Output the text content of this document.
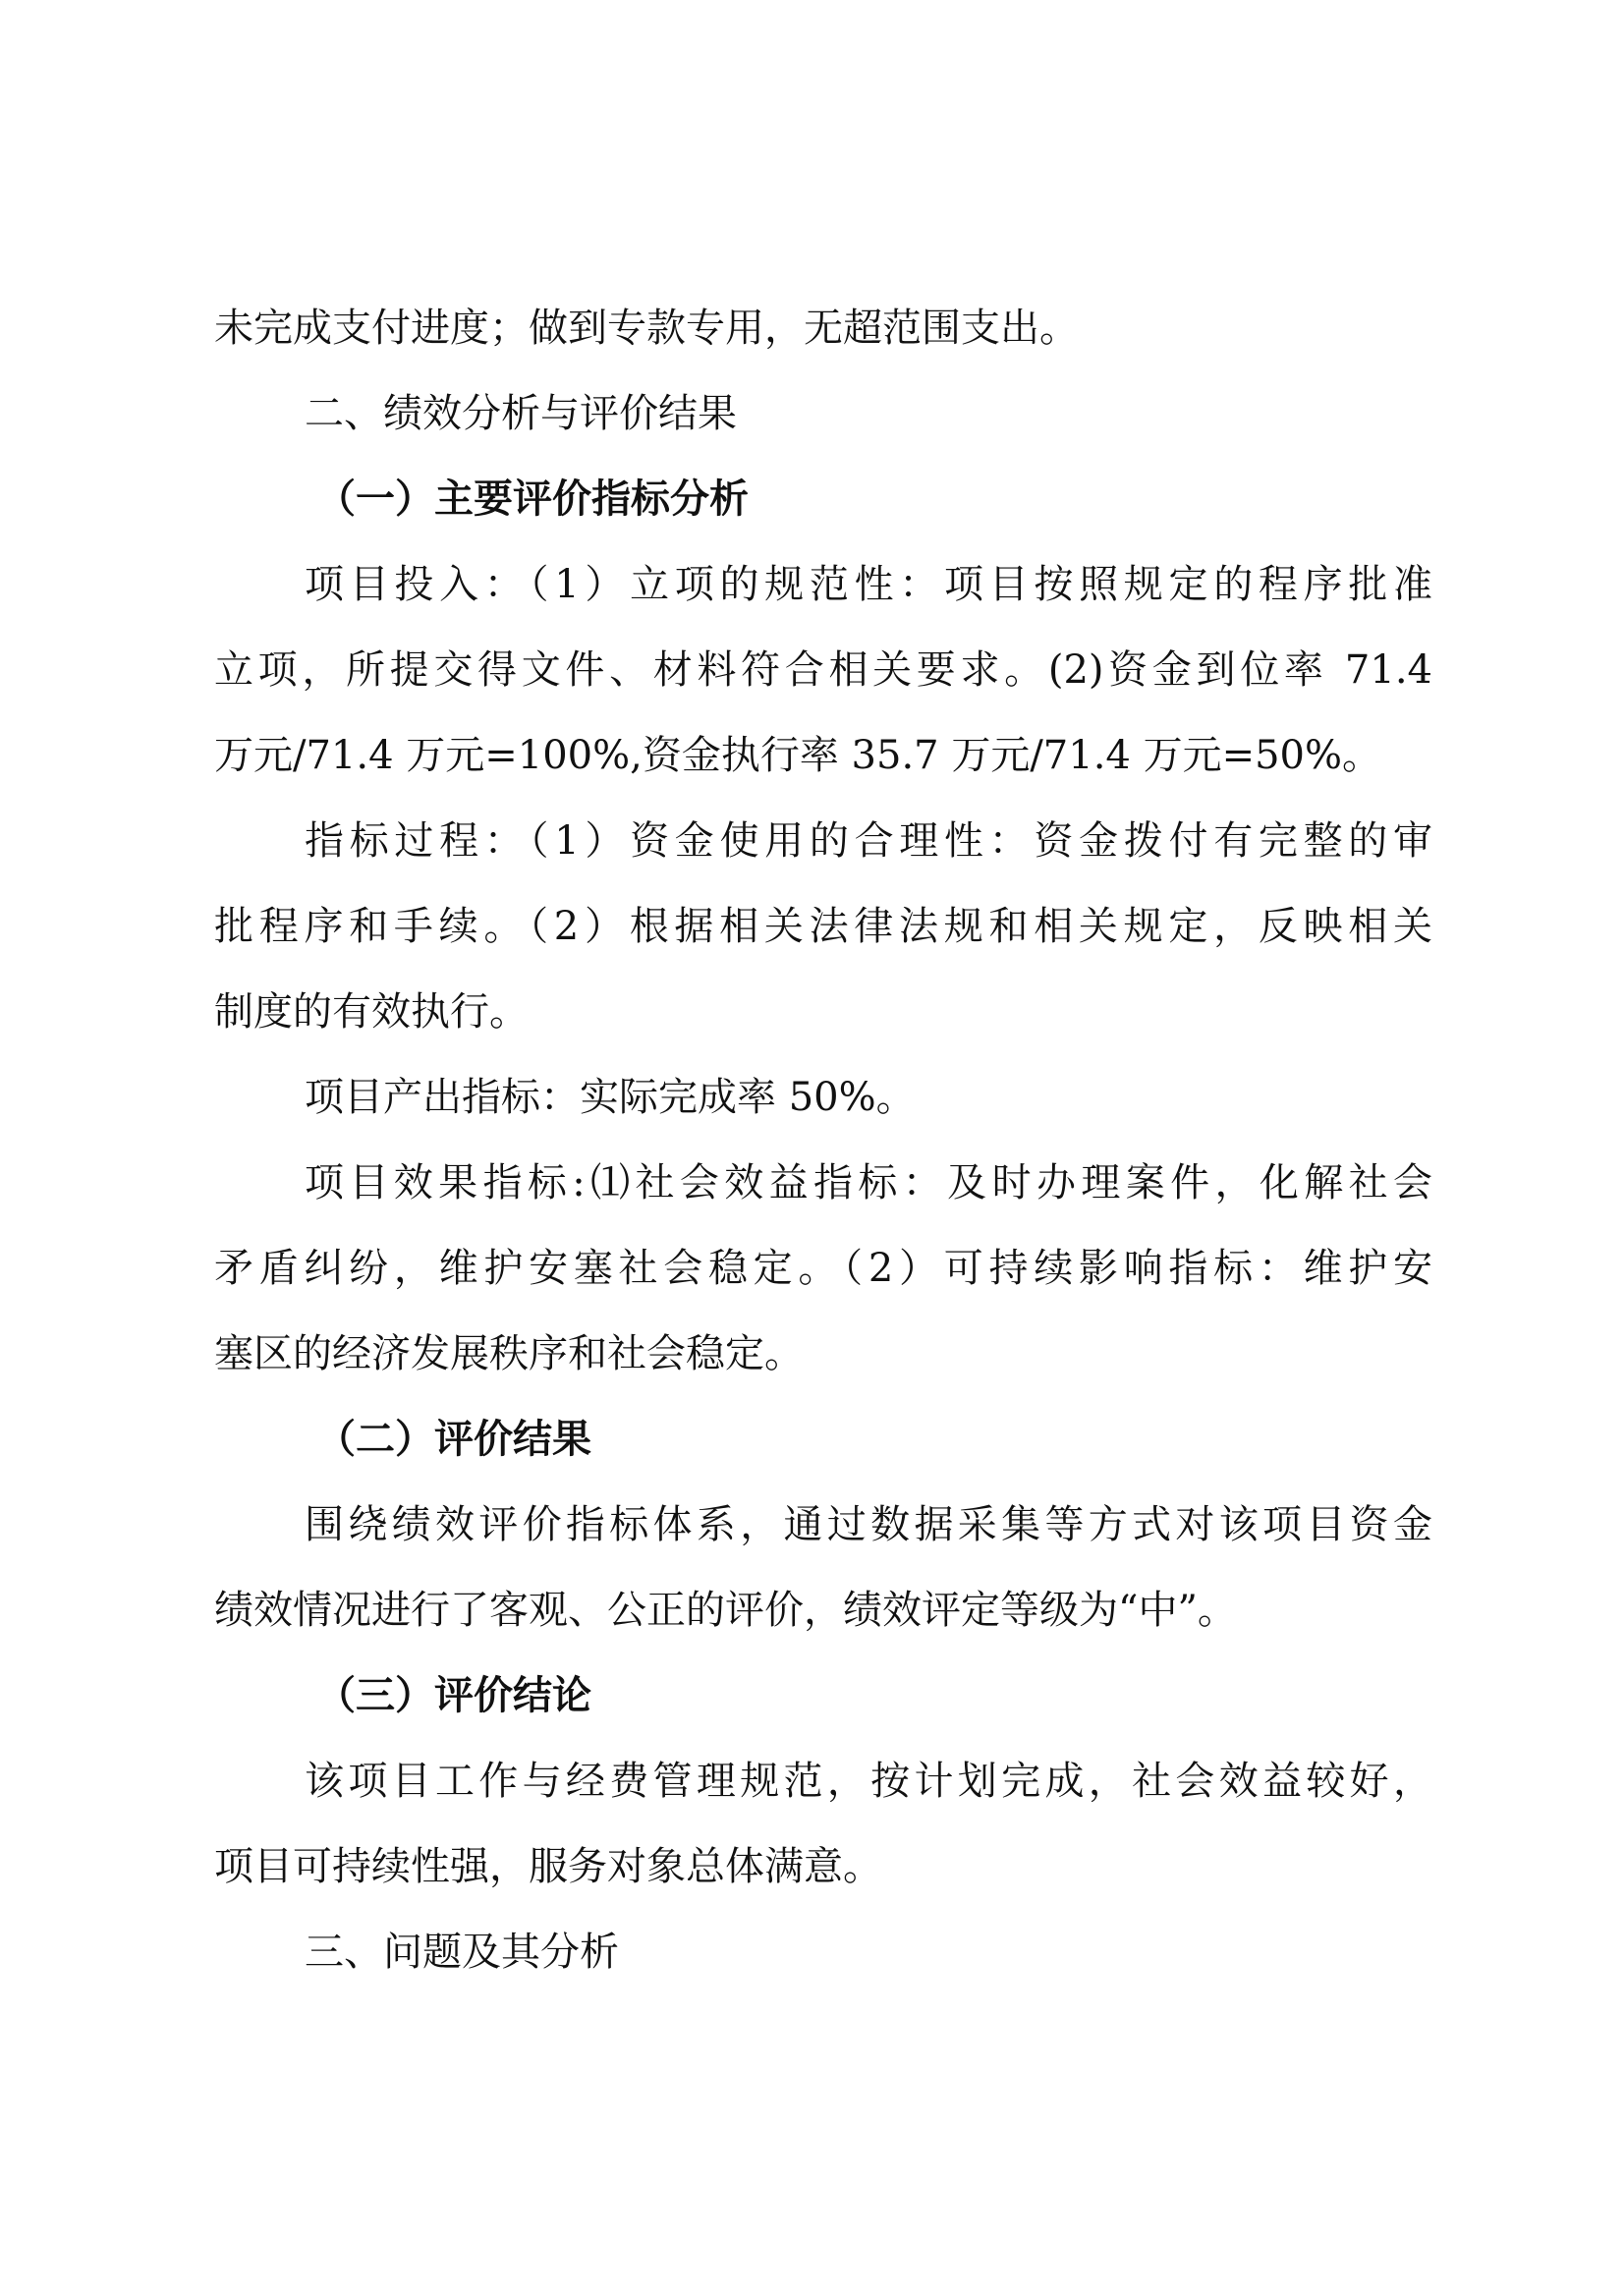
未完成支付进度；做到专款专用，无超范围支出。
二、绩效分析与评价结果
（一）主要评价指标分析
项目投入：（1）立项的规范性：项目按照规定的程序批准
立项，所提交得文件、材料符合相关要求。(2)资金到位率 71.4
万元/71.4 万元=100%,资金执行率 35.7 万元/71.4 万元=50%。
指标过程：（1）资金使用的合理性：资金拨付有完整的审
批程序和手续。（2）根据相关法律法规和相关规定，反映相关
制度的有效执行。
项目产出指标：实际完成率 50%。
项目效果指标:⑴社会效益指标：及时办理案件，化解社会
矛盾纠纷，维护安塞社会稳定。（2）可持续影响指标：维护安
塞区的经济发展秩序和社会稳定。
（二）评价结果
围绕绩效评价指标体系，通过数据采集等方式对该项目资金
绩效情况进行了客观、公正的评价，绩效评定等级为“中”。
（三）评价结论
该项目工作与经费管理规范，按计划完成，社会效益较好，
项目可持续性强，服务对象总体满意。
三、问题及其分析
